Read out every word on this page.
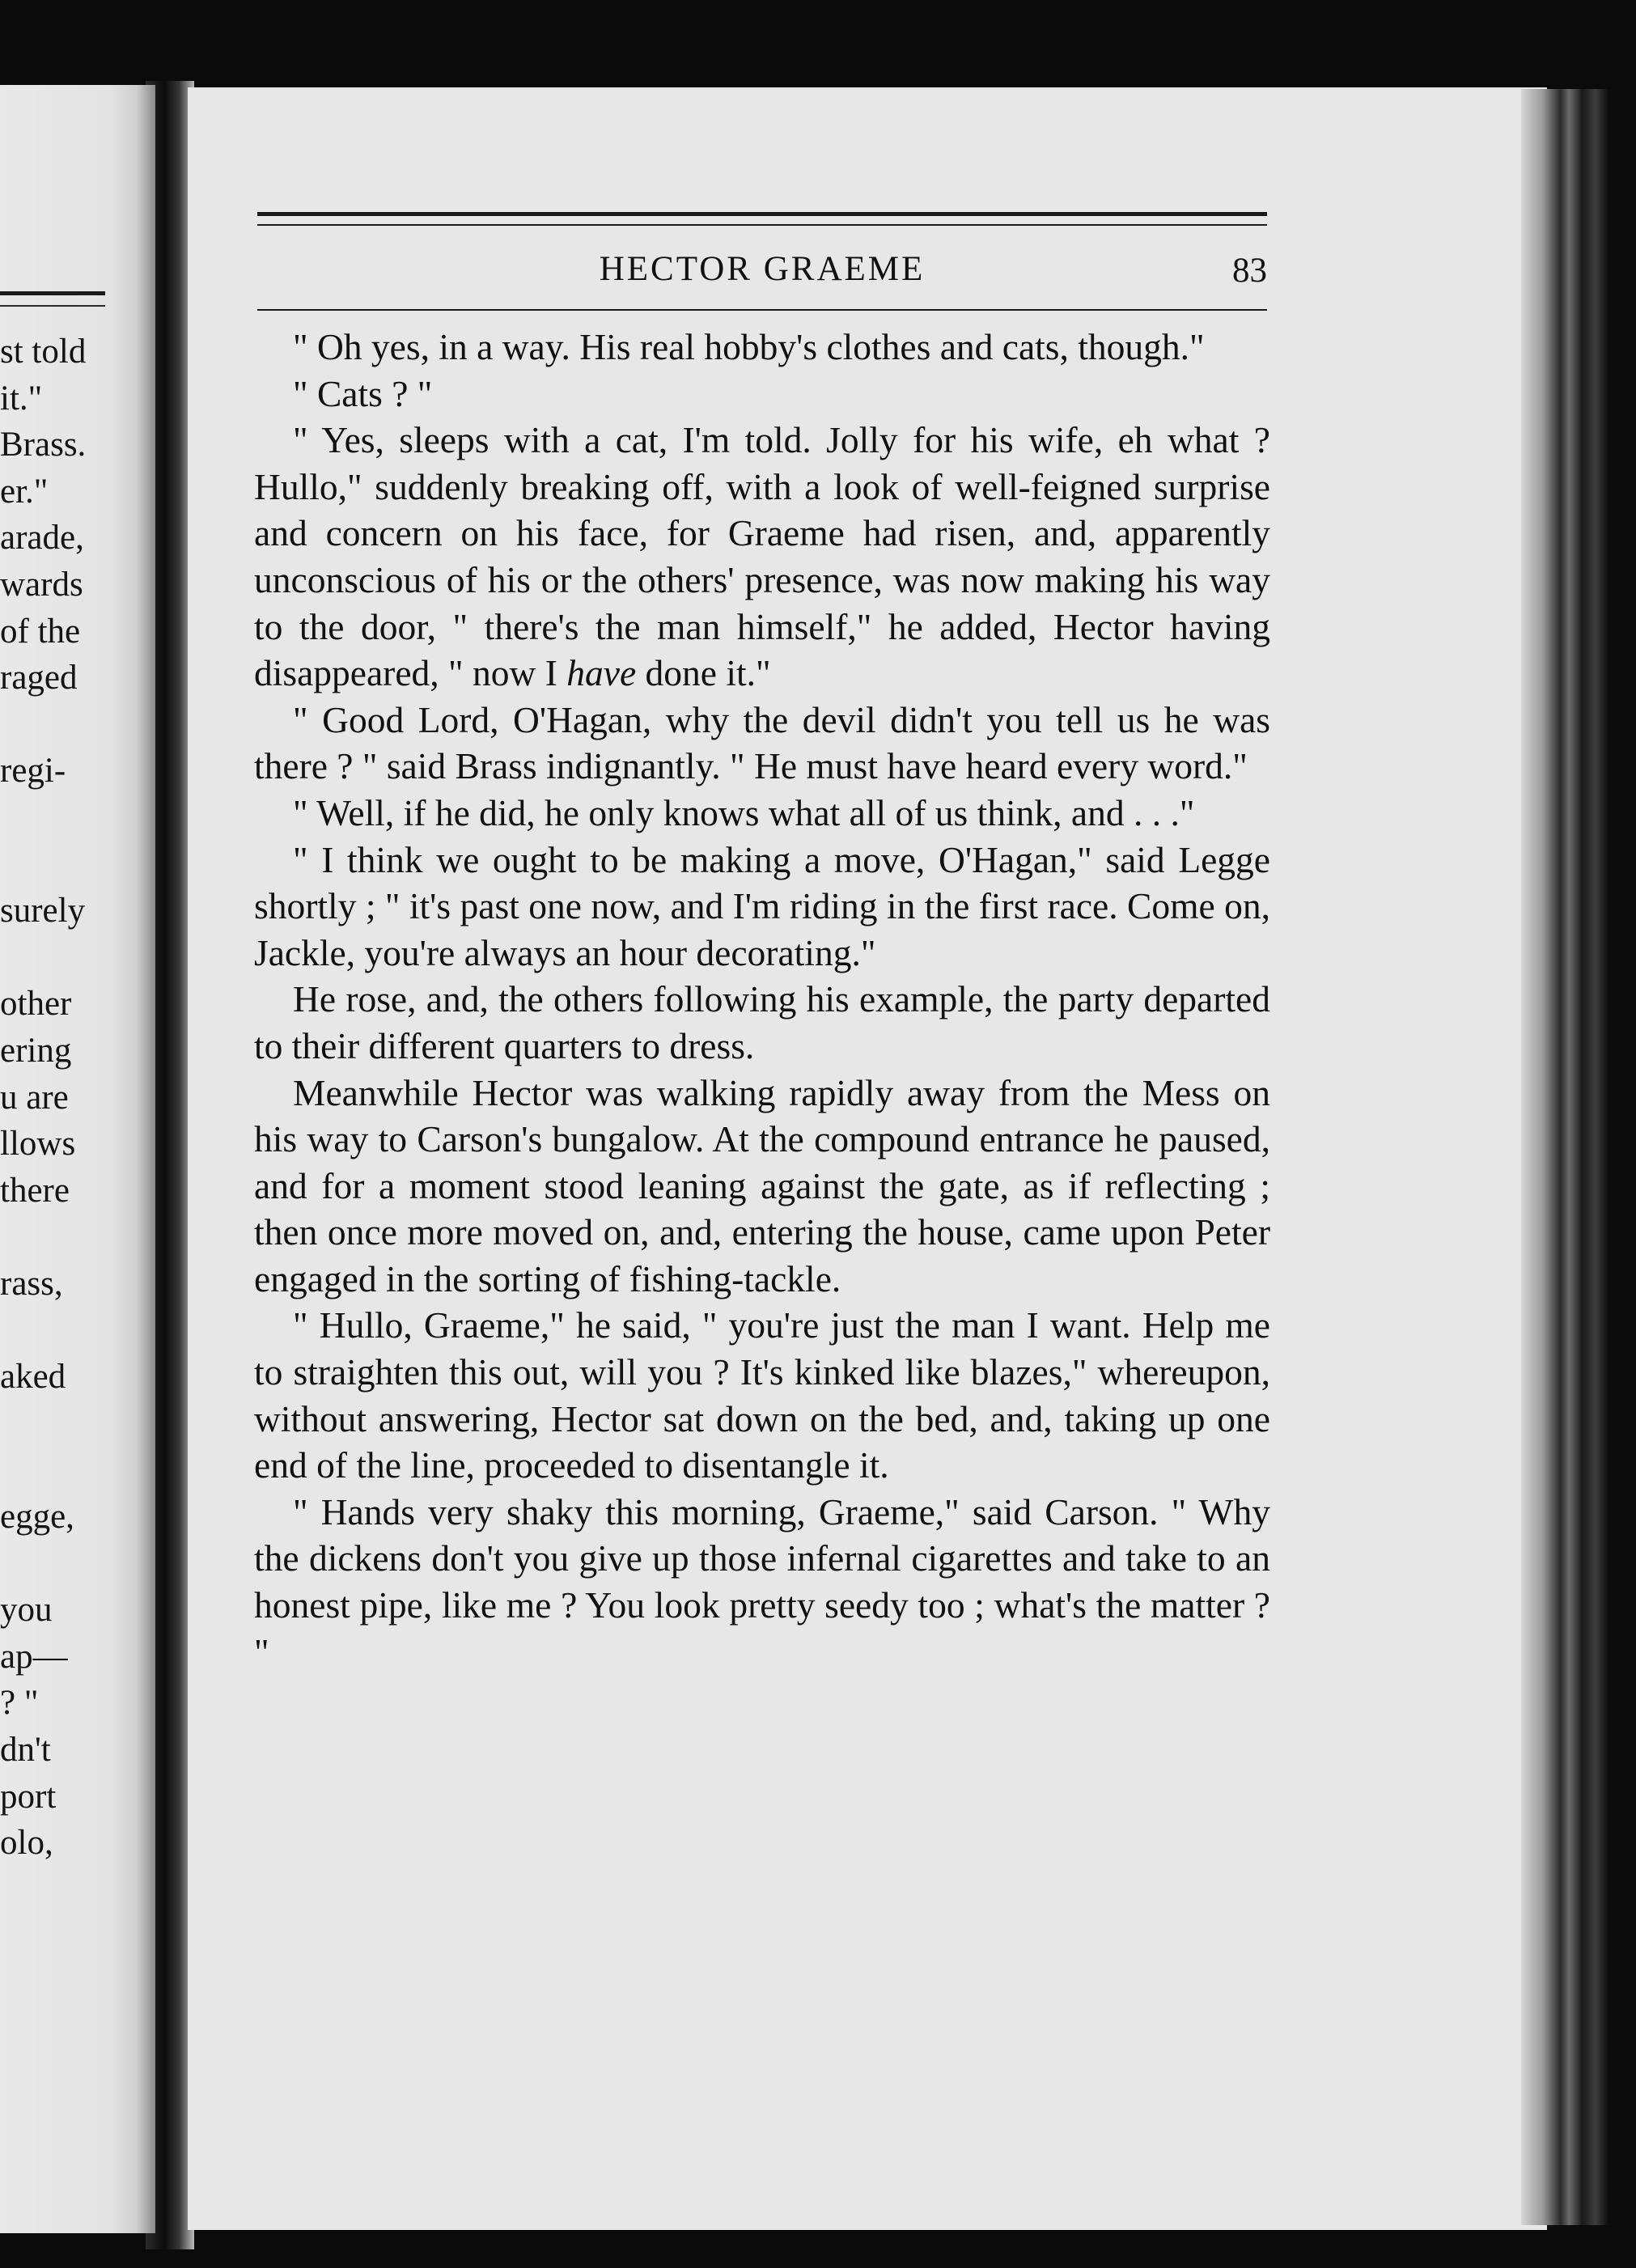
st told
it."
Brass.
er."
arade,
wards
of the
raged
regi-
surely
other
ering
u are
llows
there
rass,
aked
egge,
you
ap—
? "
dn't
port
olo,
HECTOR GRAEME	83

" Oh yes, in a way. His real hobby's clothes and cats, though."

" Cats ? "

" Yes, sleeps with a cat, I'm told. Jolly for his wife, eh what ? Hullo," suddenly breaking off, with a look of well-feigned surprise and concern on his face, for Graeme had risen, and, apparently unconscious of his or the others' presence, was now making his way to the door, " there's the man himself," he added, Hector having disappeared, " now I have done it."

" Good Lord, O'Hagan, why the devil didn't you tell us he was there ? " said Brass indignantly. " He must have heard every word."

" Well, if he did, he only knows what all of us think, and . . ."

" I think we ought to be making a move, O'Hagan," said Legge shortly ; " it's past one now, and I'm riding in the first race. Come on, Jackle, you're always an hour decorating."

He rose, and, the others following his example, the party departed to their different quarters to dress.

Meanwhile Hector was walking rapidly away from the Mess on his way to Carson's bungalow. At the compound entrance he paused, and for a moment stood leaning against the gate, as if reflecting ; then once more moved on, and, entering the house, came upon Peter engaged in the sorting of fishing-tackle.

" Hullo, Graeme," he said, " you're just the man I want. Help me to straighten this out, will you ? It's kinked like blazes," whereupon, without answering, Hector sat down on the bed, and, taking up one end of the line, proceeded to disentangle it.

" Hands very shaky this morning, Graeme," said Carson. " Why the dickens don't you give up those infernal cigarettes and take to an honest pipe, like me ? You look pretty seedy too ; what's the matter ? "
